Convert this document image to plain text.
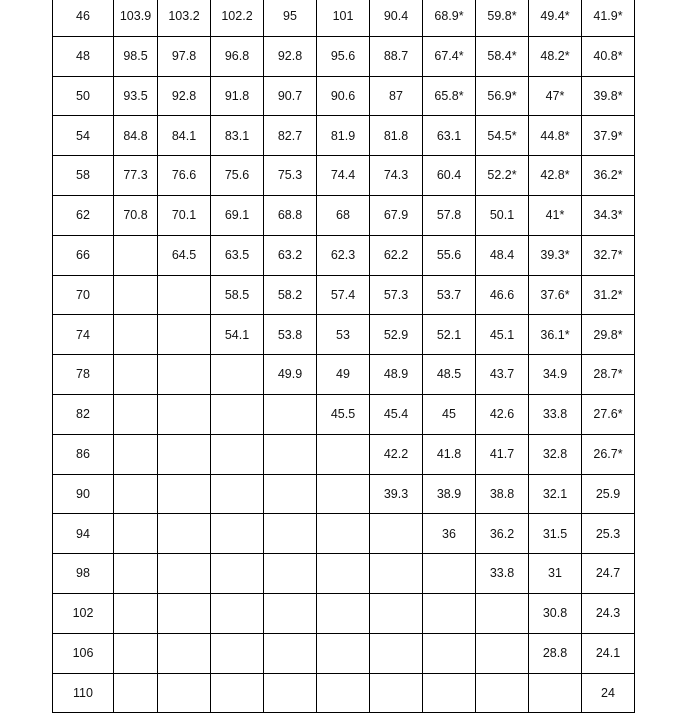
46	103.9	103.2	102.2	95	101	90.4	68.9*	59.8*	49.4*	41.9*
48	98.5	97.8	96.8	92.8	95.6	88.7	67.4*	58.4*	48.2*	40.8*
50	93.5	92.8	91.8	90.7	90.6	87	65.8*	56.9*	47*	39.8*
54	84.8	84.1	83.1	82.7	81.9	81.8	63.1	54.5*	44.8*	37.9*
58	77.3	76.6	75.6	75.3	74.4	74.3	60.4	52.2*	42.8*	36.2*
62	70.8	70.1	69.1	68.8	68	67.9	57.8	50.1	41*	34.3*
66		64.5	63.5	63.2	62.3	62.2	55.6	48.4	39.3*	32.7*
70			58.5	58.2	57.4	57.3	53.7	46.6	37.6*	31.2*
74			54.1	53.8	53	52.9	52.1	45.1	36.1*	29.8*
78				49.9	49	48.9	48.5	43.7	34.9	28.7*
82					45.5	45.4	45	42.6	33.8	27.6*
86						42.2	41.8	41.7	32.8	26.7*
90						39.3	38.9	38.8	32.1	25.9
94							36	36.2	31.5	25.3
98								33.8	31	24.7
102									30.8	24.3
106									28.8	24.1
110										24
